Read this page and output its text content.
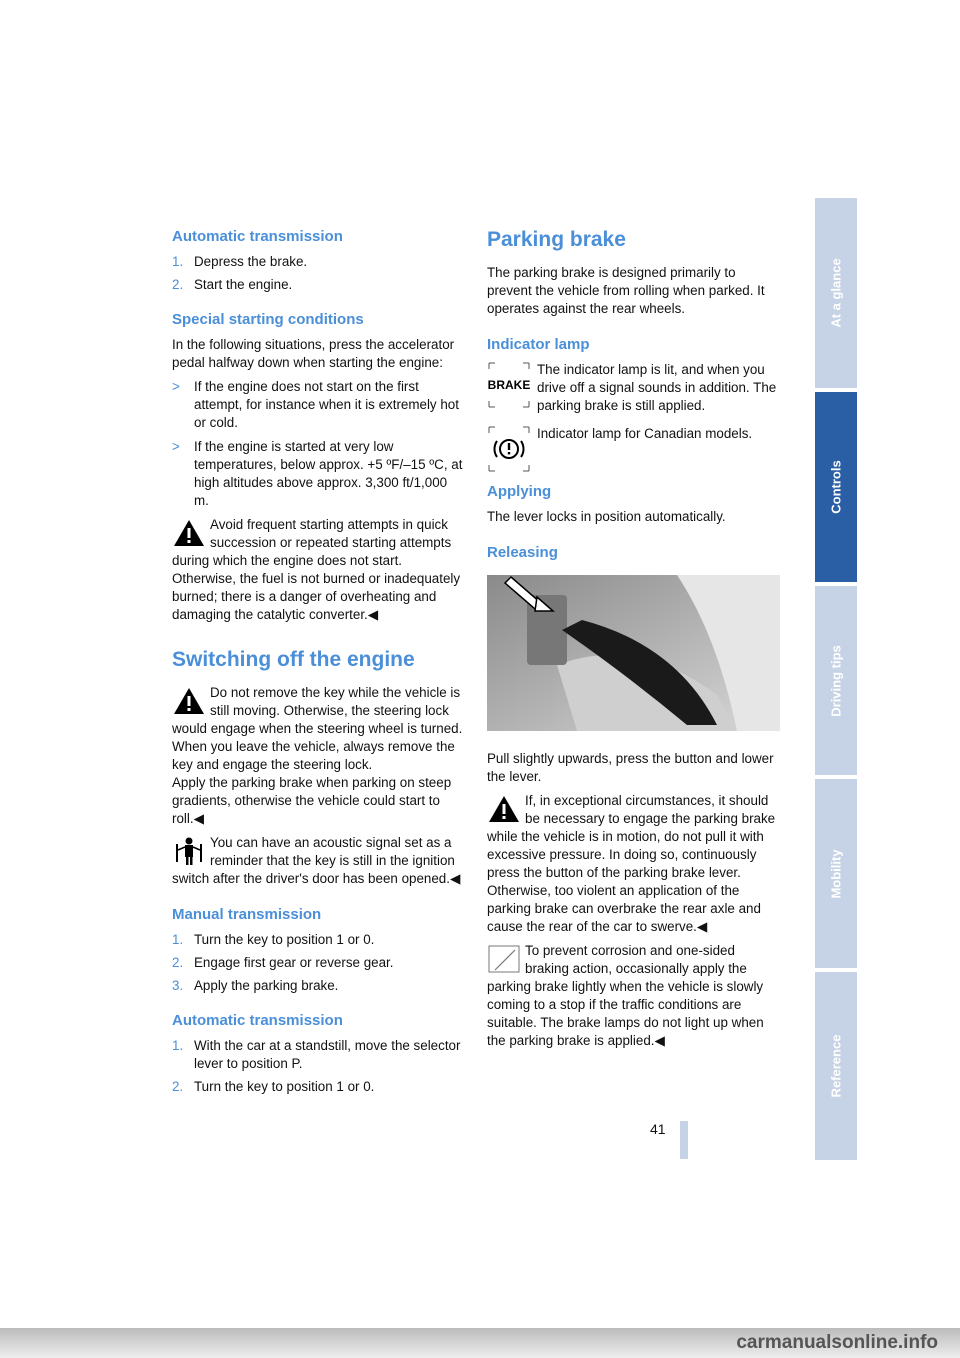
Automatic transmission
1. Depress the brake.
2. Start the engine.
Special starting conditions
In the following situations, press the accelerator pedal halfway down when starting the engine:
>	If the engine does not start on the first attempt, for instance when it is extremely hot or cold.
>	If the engine is started at very low temperatures, below approx. +5 ºF/–15 ºC, at high altitudes above approx. 3,300 ft/1,000 m.
Avoid frequent starting attempts in quick succession or repeated starting attempts during which the engine does not start. Otherwise, the fuel is not burned or inadequately burned; there is a danger of overheating and damaging the catalytic converter.◀
Switching off the engine
Do not remove the key while the vehicle is still moving. Otherwise, the steering lock would engage when the steering wheel is turned.
When you leave the vehicle, always remove the key and engage the steering lock.
Apply the parking brake when parking on steep gradients, otherwise the vehicle could start to roll.◀
You can have an acoustic signal set as a reminder that the key is still in the ignition switch after the driver's door has been opened.◀
Manual transmission
1. Turn the key to position 1 or 0.
2. Engage first gear or reverse gear.
3. Apply the parking brake.
Automatic transmission
1. With the car at a standstill, move the selector lever to position P.
2. Turn the key to position 1 or 0.
Parking brake
The parking brake is designed primarily to prevent the vehicle from rolling when parked. It operates against the rear wheels.
Indicator lamp
BRAKE
The indicator lamp is lit, and when you drive off a signal sounds in addition. The parking brake is still applied.
Indicator lamp for Canadian models.
Applying
The lever locks in position automatically.
Releasing
Pull slightly upwards, press the button and lower the lever.
If, in exceptional circumstances, it should be necessary to engage the parking brake while the vehicle is in motion, do not pull it with excessive pressure. In doing so, continuously press the button of the parking brake lever. Otherwise, too violent an application of the parking brake can overbrake the rear axle and cause the rear of the car to swerve.◀
To prevent corrosion and one-sided braking action, occasionally apply the parking brake lightly when the vehicle is slowly coming to a stop if the traffic conditions are suitable. The brake lamps do not light up when the parking brake is applied.◀
At a glance
Controls
Driving tips
Mobility
Reference
41
carmanualsonline.info
